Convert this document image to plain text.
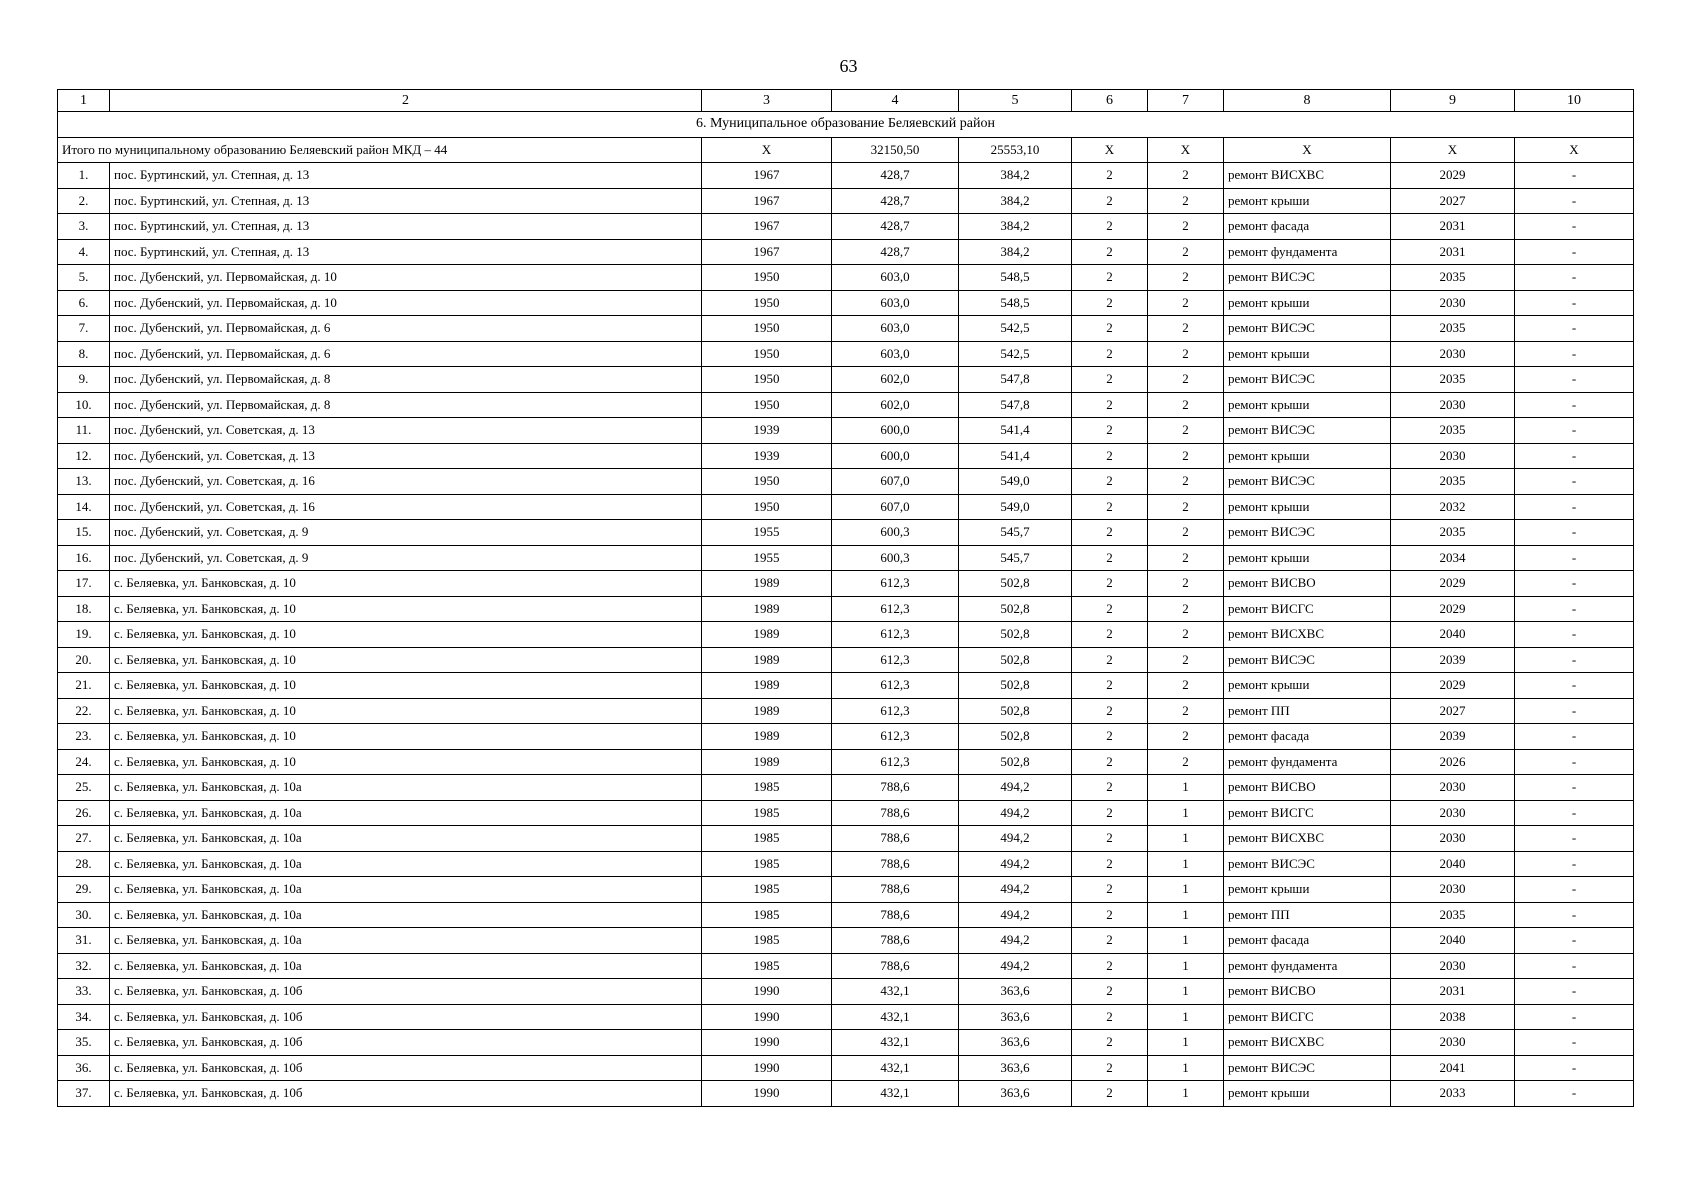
63
1	2	3	4	5	6	7	8	9	10
6. Муниципальное образование Беляевский район									
Итого по муниципальному образованию Беляевский район МКД – 44		Х	32150,50	25553,10	Х	Х	Х	Х	Х
1.	пос. Буртинский, ул. Степная, д. 13	1967	428,7	384,2	2	2	ремонт ВИСХВС	2029	-
2.	пос. Буртинский, ул. Степная, д. 13	1967	428,7	384,2	2	2	ремонт крыши	2027	-
3.	пос. Буртинский, ул. Степная, д. 13	1967	428,7	384,2	2	2	ремонт фасада	2031	-
4.	пос. Буртинский, ул. Степная, д. 13	1967	428,7	384,2	2	2	ремонт фундамента	2031	-
5.	пос. Дубенский, ул. Первомайская, д. 10	1950	603,0	548,5	2	2	ремонт ВИСЭС	2035	-
6.	пос. Дубенский, ул. Первомайская, д. 10	1950	603,0	548,5	2	2	ремонт крыши	2030	-
7.	пос. Дубенский, ул. Первомайская, д. 6	1950	603,0	542,5	2	2	ремонт ВИСЭС	2035	-
8.	пос. Дубенский, ул. Первомайская, д. 6	1950	603,0	542,5	2	2	ремонт крыши	2030	-
9.	пос. Дубенский, ул. Первомайская, д. 8	1950	602,0	547,8	2	2	ремонт ВИСЭС	2035	-
10.	пос. Дубенский, ул. Первомайская, д. 8	1950	602,0	547,8	2	2	ремонт крыши	2030	-
11.	пос. Дубенский, ул. Советская, д. 13	1939	600,0	541,4	2	2	ремонт ВИСЭС	2035	-
12.	пос. Дубенский, ул. Советская, д. 13	1939	600,0	541,4	2	2	ремонт крыши	2030	-
13.	пос. Дубенский, ул. Советская, д. 16	1950	607,0	549,0	2	2	ремонт ВИСЭС	2035	-
14.	пос. Дубенский, ул. Советская, д. 16	1950	607,0	549,0	2	2	ремонт крыши	2032	-
15.	пос. Дубенский, ул. Советская, д. 9	1955	600,3	545,7	2	2	ремонт ВИСЭС	2035	-
16.	пос. Дубенский, ул. Советская, д. 9	1955	600,3	545,7	2	2	ремонт крыши	2034	-
17.	с. Беляевка, ул. Банковская, д. 10	1989	612,3	502,8	2	2	ремонт ВИСВО	2029	-
18.	с. Беляевка, ул. Банковская, д. 10	1989	612,3	502,8	2	2	ремонт ВИСГС	2029	-
19.	с. Беляевка, ул. Банковская, д. 10	1989	612,3	502,8	2	2	ремонт ВИСХВС	2040	-
20.	с. Беляевка, ул. Банковская, д. 10	1989	612,3	502,8	2	2	ремонт ВИСЭС	2039	-
21.	с. Беляевка, ул. Банковская, д. 10	1989	612,3	502,8	2	2	ремонт крыши	2029	-
22.	с. Беляевка, ул. Банковская, д. 10	1989	612,3	502,8	2	2	ремонт ПП	2027	-
23.	с. Беляевка, ул. Банковская, д. 10	1989	612,3	502,8	2	2	ремонт фасада	2039	-
24.	с. Беляевка, ул. Банковская, д. 10	1989	612,3	502,8	2	2	ремонт фундамента	2026	-
25.	с. Беляевка, ул. Банковская, д. 10а	1985	788,6	494,2	2	1	ремонт ВИСВО	2030	-
26.	с. Беляевка, ул. Банковская, д. 10а	1985	788,6	494,2	2	1	ремонт ВИСГС	2030	-
27.	с. Беляевка, ул. Банковская, д. 10а	1985	788,6	494,2	2	1	ремонт ВИСХВС	2030	-
28.	с. Беляевка, ул. Банковская, д. 10а	1985	788,6	494,2	2	1	ремонт ВИСЭС	2040	-
29.	с. Беляевка, ул. Банковская, д. 10а	1985	788,6	494,2	2	1	ремонт крыши	2030	-
30.	с. Беляевка, ул. Банковская, д. 10а	1985	788,6	494,2	2	1	ремонт ПП	2035	-
31.	с. Беляевка, ул. Банковская, д. 10а	1985	788,6	494,2	2	1	ремонт фасада	2040	-
32.	с. Беляевка, ул. Банковская, д. 10а	1985	788,6	494,2	2	1	ремонт фундамента	2030	-
33.	с. Беляевка, ул. Банковская, д. 10б	1990	432,1	363,6	2	1	ремонт ВИСВО	2031	-
34.	с. Беляевка, ул. Банковская, д. 10б	1990	432,1	363,6	2	1	ремонт ВИСГС	2038	-
35.	с. Беляевка, ул. Банковская, д. 10б	1990	432,1	363,6	2	1	ремонт ВИСХВС	2030	-
36.	с. Беляевка, ул. Банковская, д. 10б	1990	432,1	363,6	2	1	ремонт ВИСЭС	2041	-
37.	с. Беляевка, ул. Банковская, д. 10б	1990	432,1	363,6	2	1	ремонт крыши	2033	-
